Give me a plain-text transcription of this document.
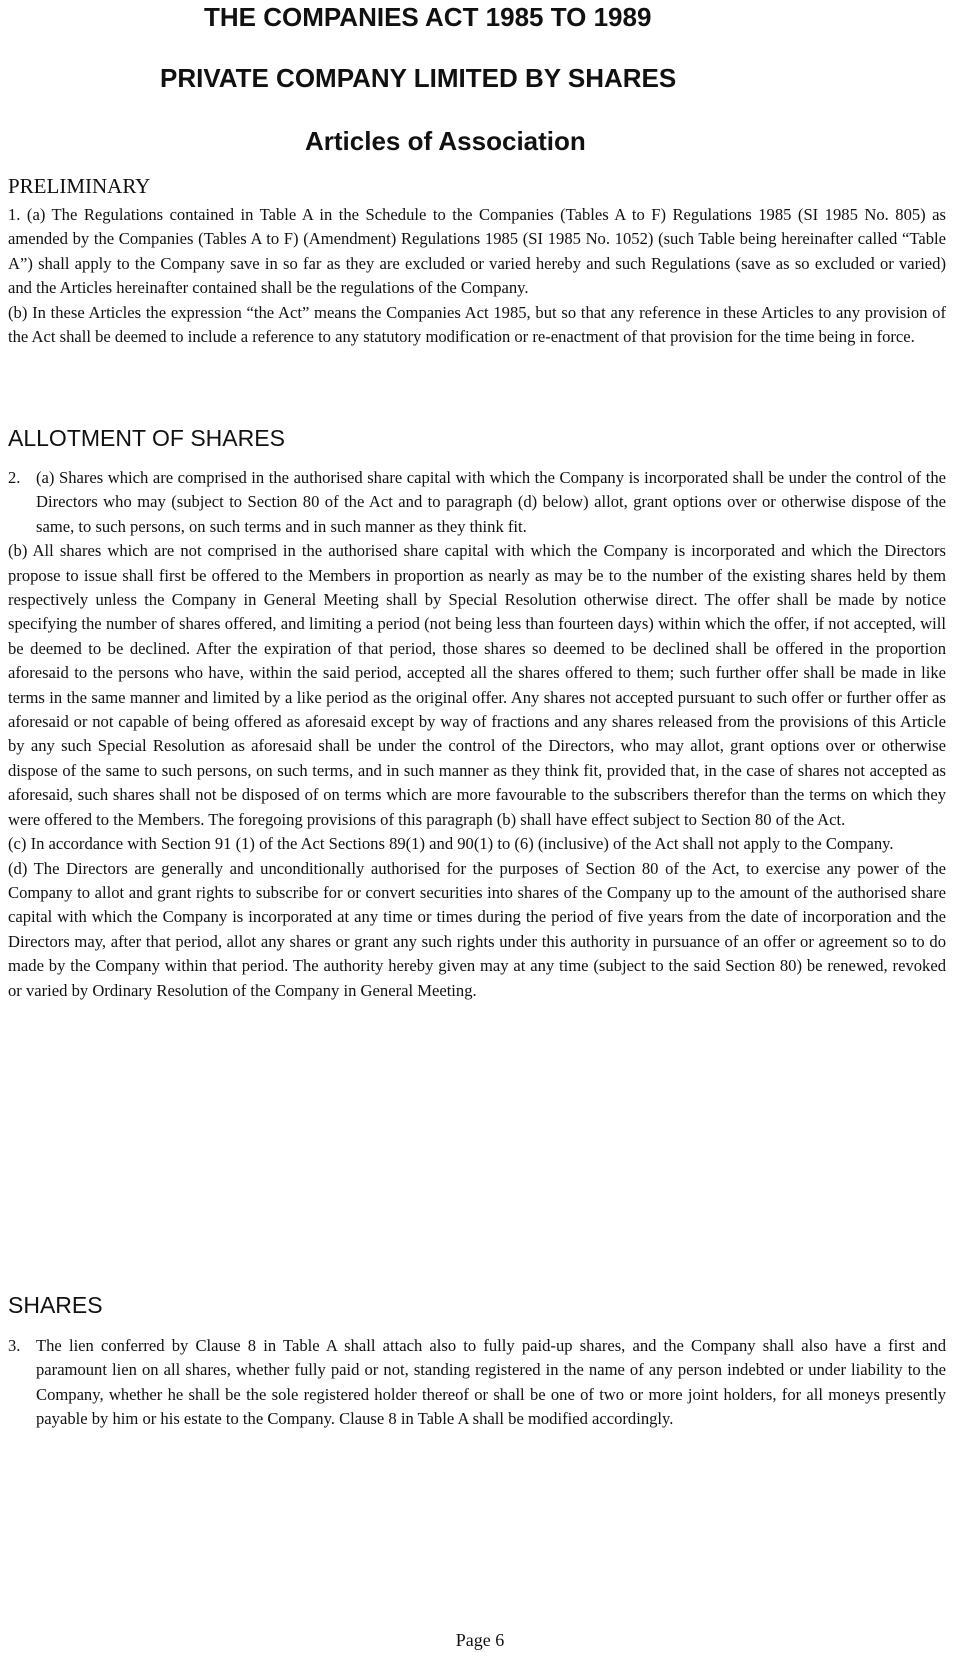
THE COMPANIES ACT 1985 TO 1989
PRIVATE COMPANY LIMITED BY SHARES
Articles of Association

PRELIMINARY

1. (a) The Regulations contained in Table A in the Schedule to the Companies (Tables A to F) Regulations 1985 (SI 1985 No. 805) as amended by the Companies (Tables A to F) (Amendment) Regulations 1985 (SI 1985 No. 1052) (such Table being hereinafter called “Table A”) shall apply to the Company save in so far as they are excluded or varied hereby and such Regulations (save as so excluded or varied) and the Articles hereinafter contained shall be the regulations of the Company.

(b) In these Articles the expression “the Act” means the Companies Act 1985, but so that any reference in these Articles to any provision of the Act shall be deemed to include a reference to any statutory modification or re-enactment of that provision for the time being in force.

ALLOTMENT OF SHARES

2. (a) Shares which are comprised in the authorised share capital with which the Company is incorporated shall be under the control of the Directors who may (subject to Section 80 of the Act and to paragraph (d) below) allot, grant options over or otherwise dispose of the same, to such persons, on such terms and in such manner as they think fit.

(b) All shares which are not comprised in the authorised share capital with which the Company is incorporated and which the Directors propose to issue shall first be offered to the Members in proportion as nearly as may be to the number of the existing shares held by them respectively unless the Company in General Meeting shall by Special Resolution otherwise direct. The offer shall be made by notice specifying the number of shares offered, and limiting a period (not being less than fourteen days) within which the offer, if not accepted, will be deemed to be declined. After the expiration of that period, those shares so deemed to be declined shall be offered in the proportion aforesaid to the persons who have, within the said period, accepted all the shares offered to them; such further offer shall be made in like terms in the same manner and limited by a like period as the original offer. Any shares not accepted pursuant to such offer or further offer as aforesaid or not capable of being offered as aforesaid except by way of fractions and any shares released from the provisions of this Article by any such Special Resolution as aforesaid shall be under the control of the Directors, who may allot, grant options over or otherwise dispose of the same to such persons, on such terms, and in such manner as they think fit, provided that, in the case of shares not accepted as aforesaid, such shares shall not be disposed of on terms which are more favourable to the subscribers therefor than the terms on which they were offered to the Members. The foregoing provisions of this paragraph (b) shall have effect subject to Section 80 of the Act.

(c) In accordance with Section 91 (1) of the Act Sections 89(1) and 90(1) to (6) (inclusive) of the Act shall not apply to the Company.

(d) The Directors are generally and unconditionally authorised for the purposes of Section 80 of the Act, to exercise any power of the Company to allot and grant rights to subscribe for or convert securities into shares of the Company up to the amount of the authorised share capital with which the Company is incorporated at any time or times during the period of five years from the date of incorporation and the Directors may, after that period, allot any shares or grant any such rights under this authority in pursuance of an offer or agreement so to do made by the Company within that period. The authority hereby given may at any time (subject to the said Section 80) be renewed, revoked or varied by Ordinary Resolution of the Company in General Meeting.

SHARES

3. The lien conferred by Clause 8 in Table A shall attach also to fully paid-up shares, and the Company shall also have a first and paramount lien on all shares, whether fully paid or not, standing registered in the name of any person indebted or under liability to the Company, whether he shall be the sole registered holder thereof or shall be one of two or more joint holders, for all moneys presently payable by him or his estate to the Company. Clause 8 in Table A shall be modified accordingly.

Page 6
